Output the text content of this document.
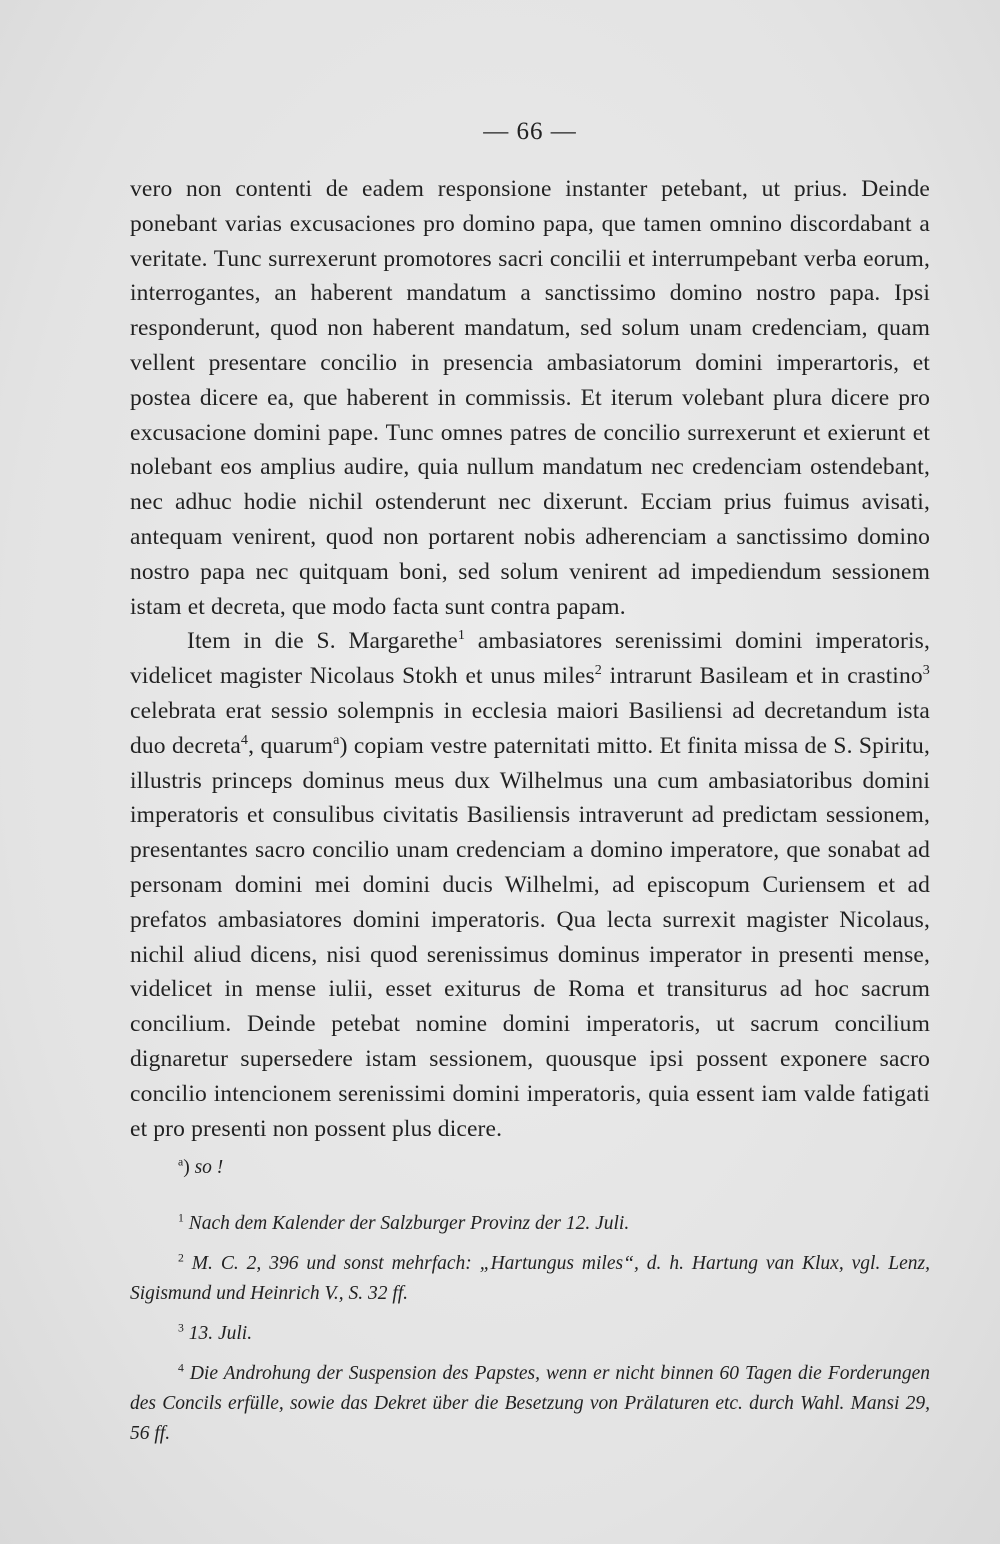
— 66 —

vero non contenti de eadem responsione instanter petebant, ut prius. Deinde ponebant varias excusaciones pro domino papa, que tamen omnino discordabant a veritate. Tunc surrexerunt promotores sacri concilii et interrumpebant verba eorum, interrogantes, an haberent mandatum a sanctissimo domino nostro papa. Ipsi responderunt, quod non haberent mandatum, sed solum unam credenciam, quam vellent presentare concilio in presencia ambasiatorum domini imperartoris, et postea dicere ea, que haberent in commissis. Et iterum volebant plura dicere pro excusacione domini pape. Tunc omnes patres de concilio surrexerunt et exierunt et nolebant eos amplius audire, quia nullum mandatum nec credenciam ostendebant, nec adhuc hodie nichil ostenderunt nec dixerunt. Ecciam prius fuimus avisati, antequam venirent, quod non portarent nobis adherenciam a sanctissimo domino nostro papa nec quitquam boni, sed solum venirent ad impediendum sessionem istam et decreta, que modo facta sunt contra papam.

Item in die S. Margarethe$^1$ ambasiatores serenissimi domini imperatoris, videlicet magister Nicolaus Stokh et unus miles$^2$ intrarunt Basileam et in crastino$^3$ celebrata erat sessio solempnis in ecclesia maiori Basiliensi ad decretandum ista duo decreta$^4$, quarum$^a$) copiam vestre paternitati mitto. Et finita missa de S. Spiritu, illustris princeps dominus meus dux Wilhelmus una cum ambasiatoribus domini imperatoris et consulibus civitatis Basiliensis intraverunt ad predictam sessionem, presentantes sacro concilio unam credenciam a domino imperatore, que sonabat ad personam domini mei domini ducis Wilhelmi, ad episcopum Curiensem et ad prefatos ambasiatores domini imperatoris. Qua lecta surrexit magister Nicolaus, nichil aliud dicens, nisi quod serenissimus dominus imperator in presenti mense, videlicet in mense iulii, esset exiturus de Roma et transiturus ad hoc sacrum concilium. Deinde petebat nomine domini imperatoris, ut sacrum concilium dignaretur supersedere istam sessionem, quousque ipsi possent exponere sacro concilio intencionem serenissimi domini imperatoris, quia essent iam valde fatigati et pro presenti non possent plus dicere.

$^a$) so !

$^1$ Nach dem Kalender der Salzburger Provinz der 12. Juli.

$^2$ M. C. 2, 396 und sonst mehrfach: „Hartungus miles“, d. h. Hartung van Klux, vgl. Lenz, Sigismund und Heinrich V., S. 32 ff.

$^3$ 13. Juli.

$^4$ Die Androhung der Suspension des Papstes, wenn er nicht binnen 60 Tagen die Forderungen des Concils erfülle, sowie das Dekret über die Besetzung von Prälaturen etc. durch Wahl. Mansi 29, 56 ff.
